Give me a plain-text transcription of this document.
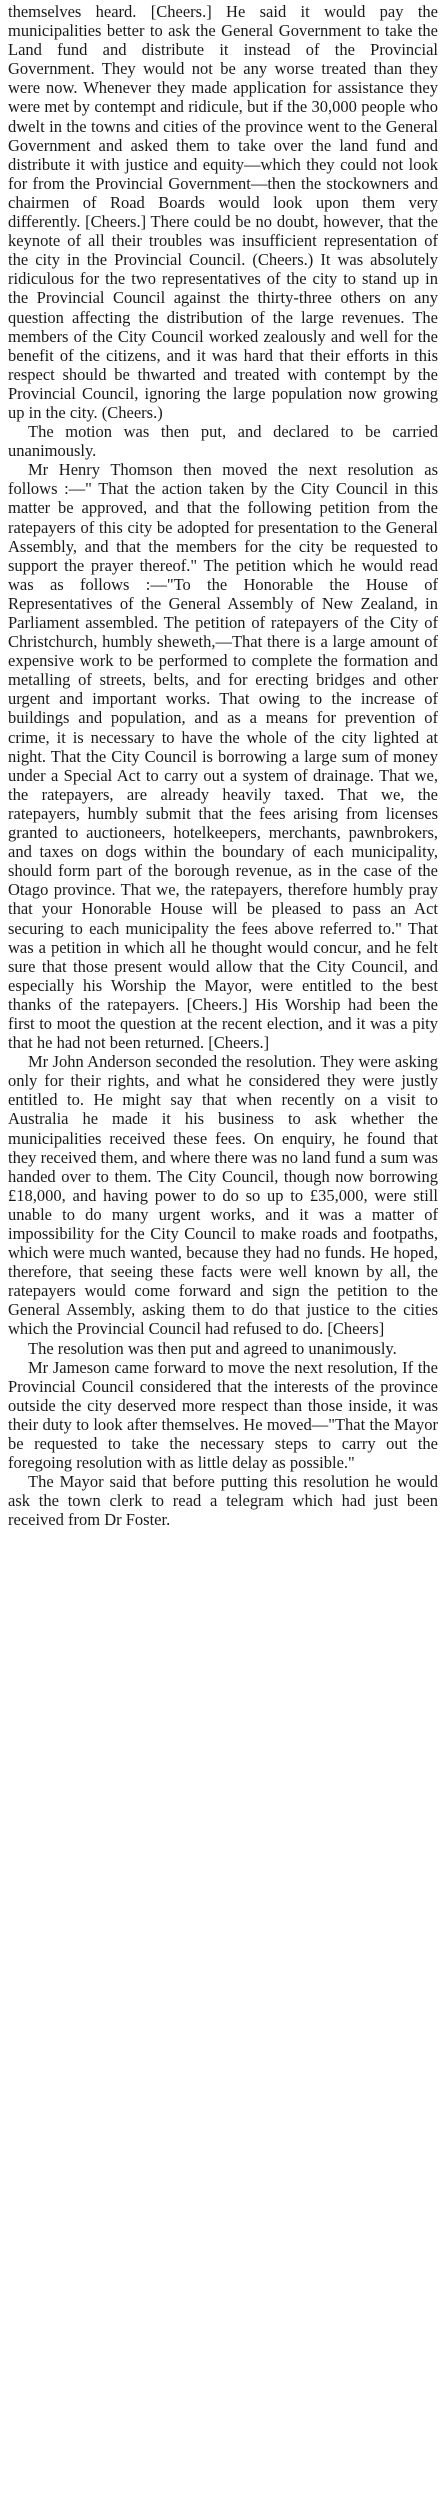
themselves heard. [Cheers.] He said it would pay the municipalities better to ask the General Government to take the Land fund and distribute it instead of the Provincial Government. They would not be any worse treated than they were now. Whenever they made application for assistance they were met by contempt and ridicule, but if the 30,000 people who dwelt in the towns and cities of the province went to the General Government and asked them to take over the land fund and distribute it with justice and equity—which they could not look for from the Provincial Government—then the stockowners and chairmen of Road Boards would look upon them very differently. [Cheers.] There could be no doubt, however, that the keynote of all their troubles was insufficient representation of the city in the Provincial Council. (Cheers.) It was absolutely ridiculous for the two representatives of the city to stand up in the Provincial Council against the thirty-three others on any question affecting the distribution of the large revenues. The members of the City Council worked zealously and well for the benefit of the citizens, and it was hard that their efforts in this respect should be thwarted and treated with contempt by the Provincial Council, ignoring the large population now growing up in the city. (Cheers.)

The motion was then put, and declared to be carried unanimously.

Mr Henry Thomson then moved the next resolution as follows :—" That the action taken by the City Council in this matter be approved, and that the following petition from the ratepayers of this city be adopted for presentation to the General Assembly, and that the members for the city be requested to support the prayer thereof." The petition which he would read was as follows :—"To the Honorable the House of Representatives of the General Assembly of New Zealand, in Parliament assembled. The petition of ratepayers of the City of Christchurch, humbly sheweth,—That there is a large amount of expensive work to be performed to complete the formation and metalling of streets, belts, and for erecting bridges and other urgent and important works. That owing to the increase of buildings and population, and as a means for prevention of crime, it is necessary to have the whole of the city lighted at night. That the City Council is borrowing a large sum of money under a Special Act to carry out a system of drainage. That we, the ratepayers, are already heavily taxed. That we, the ratepayers, humbly submit that the fees arising from licenses granted to auctioneers, hotelkeepers, merchants, pawnbrokers, and taxes on dogs within the boundary of each municipality, should form part of the borough revenue, as in the case of the Otago province. That we, the ratepayers, therefore humbly pray that your Honorable House will be pleased to pass an Act securing to each municipality the fees above referred to." That was a petition in which all he thought would concur, and he felt sure that those present would allow that the City Council, and especially his Worship the Mayor, were entitled to the best thanks of the ratepayers. [Cheers.] His Worship had been the first to moot the question at the recent election, and it was a pity that he had not been returned. [Cheers.]

Mr John Anderson seconded the resolution. They were asking only for their rights, and what he considered they were justly entitled to. He might say that when recently on a visit to Australia he made it his business to ask whether the municipalities received these fees. On enquiry, he found that they received them, and where there was no land fund a sum was handed over to them. The City Council, though now borrowing £18,000, and having power to do so up to £35,000, were still unable to do many urgent works, and it was a matter of impossibility for the City Council to make roads and footpaths, which were much wanted, because they had no funds. He hoped, therefore, that seeing these facts were well known by all, the ratepayers would come forward and sign the petition to the General Assembly, asking them to do that justice to the cities which the Provincial Council had refused to do. [Cheers]

The resolution was then put and agreed to unanimously.

Mr Jameson came forward to move the next resolution, If the Provincial Council considered that the interests of the province outside the city deserved more respect than those inside, it was their duty to look after themselves. He moved—"That the Mayor be requested to take the necessary steps to carry out the foregoing resolution with as little delay as possible."

The Mayor said that before putting this resolution he would ask the town clerk to read a telegram which had just been received from Dr Foster.
